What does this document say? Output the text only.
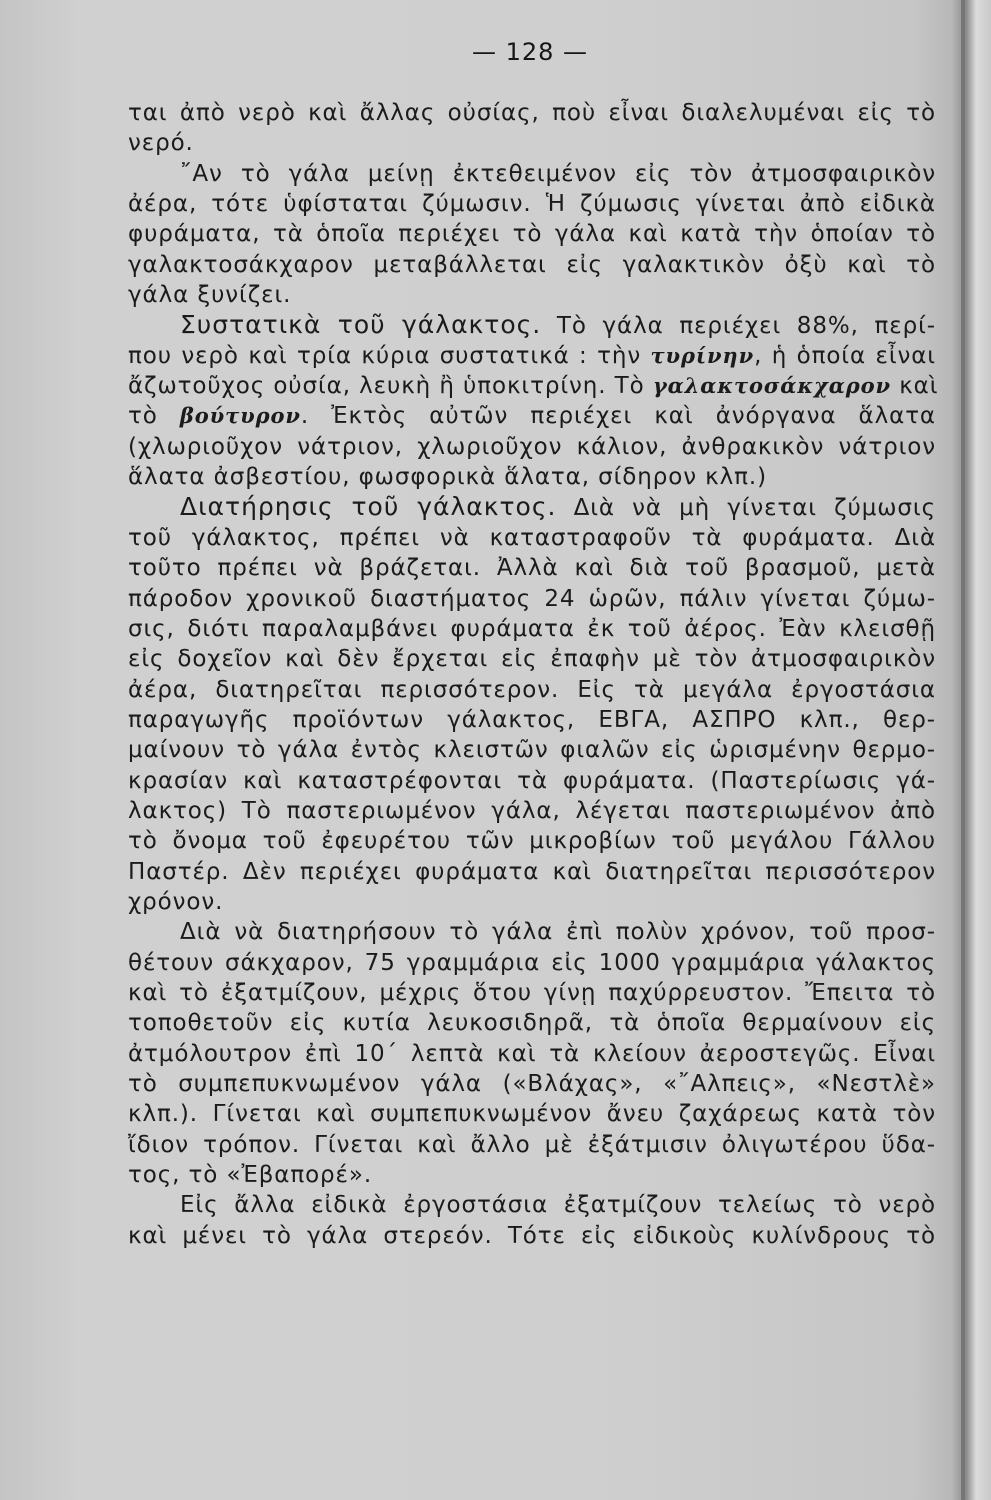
— 128 —
ται ἀπὸ νερὸ καὶ ἄλλας οὐσίας, ποὺ εἶναι διαλελυμέναι εἰς τὸ
νερό.
῎Αν τὸ γάλα μείνῃ ἐκτεθειμένον εἰς τὸν ἀτμοσφαιρικὸν
ἀέρα, τότε ὑφίσταται ζύμωσιν. Ἡ ζύμωσις γίνεται ἀπὸ εἰδικὰ
φυράματα, τὰ ὁποῖα περιέχει τὸ γάλα καὶ κατὰ τὴν ὁποίαν τὸ
γαλακτοσάκχαρον μεταβάλλεται εἰς γαλακτικὸν ὀξὺ καὶ τὸ
γάλα ξυνίζει.
Συστατικὰ τοῦ γάλακτος. Τὸ γάλα περιέχει 88%, περί-
που νερὸ καὶ τρία κύρια συστατικά : τὴν τυρίνην, ἡ ὁποία εἶναι
ἄζωτοῦχος οὐσία, λευκὴ ἢ ὑποκιτρίνη. Τὸ γαλακτοσάκχαρον καὶ
τὸ βούτυρον. Ἐκτὸς αὐτῶν περιέχει καὶ ἀνόργανα ἅλατα
(χλωριοῦχον νάτριον, χλωριοῦχον κάλιον, ἀνθρακικὸν νάτριον
ἅλατα ἀσβεστίου, φωσφορικὰ ἅλατα, σίδηρον κλπ.)
Διατήρησις τοῦ γάλακτος. Διὰ νὰ μὴ γίνεται ζύμωσις
τοῦ γάλακτος, πρέπει νὰ καταστραφοῦν τὰ φυράματα. Διὰ
τοῦτο πρέπει νὰ βράζεται. Ἀλλὰ καὶ διὰ τοῦ βρασμοῦ, μετὰ
πάροδον χρονικοῦ διαστήματος 24 ὡρῶν, πάλιν γίνεται ζύμω-
σις, διότι παραλαμβάνει φυράματα ἐκ τοῦ ἀέρος. Ἐὰν κλεισθῇ
εἰς δοχεῖον καὶ δὲν ἔρχεται εἰς ἐπαφὴν μὲ τὸν ἀτμοσφαιρικὸν
ἀέρα, διατηρεῖται περισσότερον. Εἰς τὰ μεγάλα ἐργοστάσια
παραγωγῆς προϊόντων γάλακτος, ΕΒΓΑ, ΑΣΠΡΟ κλπ., θερ-
μαίνουν τὸ γάλα ἐντὸς κλειστῶν φιαλῶν εἰς ὡρισμένην θερμο-
κρασίαν καὶ καταστρέφονται τὰ φυράματα. (Παστερίωσις γά-
λακτος) Τὸ παστεριωμένον γάλα, λέγεται παστεριωμένον ἀπὸ
τὸ ὄνομα τοῦ ἐφευρέτου τῶν μικροβίων τοῦ μεγάλου Γάλλου
Παστέρ. Δὲν περιέχει φυράματα καὶ διατηρεῖται περισσότερον
χρόνον.
Διὰ νὰ διατηρήσουν τὸ γάλα ἐπὶ πολὺν χρόνον, τοῦ προσ-
θέτουν σάκχαρον, 75 γραμμάρια εἰς 1000 γραμμάρια γάλακτος
καὶ τὸ ἐξατμίζουν, μέχρις ὅτου γίνῃ παχύρρευστον. Ἔπειτα τὸ
τοποθετοῦν εἰς κυτία λευκοσιδηρᾶ, τὰ ὁποῖα θερμαίνουν εἰς
ἀτμόλουτρον ἐπὶ 10΄ λεπτὰ καὶ τὰ κλείουν ἀεροστεγῶς. Εἶναι
τὸ συμπεπυκνωμένον γάλα («Βλάχας», «῎Αλπεις», «Νεστλὲ»
κλπ.). Γίνεται καὶ συμπεπυκνωμένον ἄνευ ζαχάρεως κατὰ τὸν
ἴδιον τρόπον. Γίνεται καὶ ἄλλο μὲ ἐξάτμισιν ὀλιγωτέρου ὕδα-
τος, τὸ «Ἐβαπορέ».
Εἰς ἄλλα εἰδικὰ ἐργοστάσια ἐξατμίζουν τελείως τὸ νερὸ
καὶ μένει τὸ γάλα στερεόν. Τότε εἰς εἰδικοὺς κυλίνδρους τὸ
